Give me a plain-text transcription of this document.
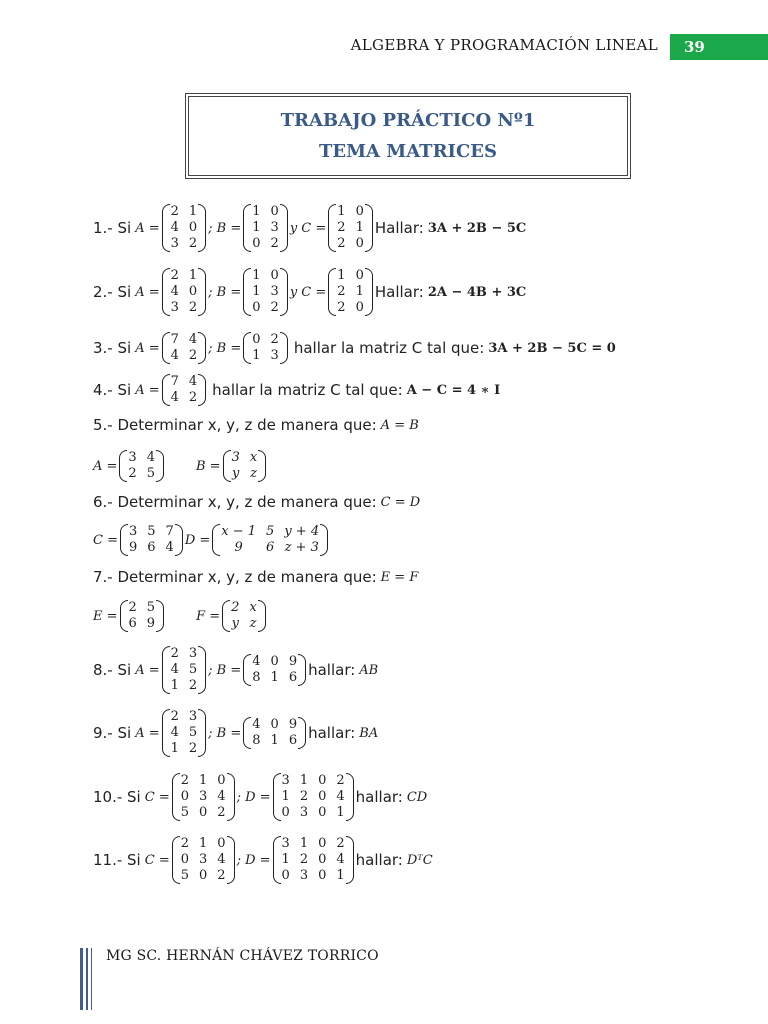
ALGEBRA Y PROGRAMACIÓN LINEAL	39
TRABAJO PRÁCTICO Nº1
TEMA MATRICES
1.- Si A =
2 1
4 0
3 2
; B =
1 0
1 3
0 2
y C =
1 0
2 1
2 0
Hallar: 3A + 2B − 5C
2.- Si A =
2 1
4 0
3 2
; B =
1 0
1 3
0 2
y C =
1 0
2 1
2 0
Hallar: 2A − 4B + 3C
3.- Si A =
7 4
4 2 ; B =
0 2
1 3 hallar la matriz C tal que: 3A + 2B − 5C = 0
4.- Si A =
7 4
4 2 hallar la matriz C tal que: A − C = 4 ∗ I
5.- Determinar x, y, z de manera que: A = B
A =
3 4
2 5	B =
3 x
y z
6.- Determinar x, y, z de manera que: C = D
C =
3 5 7
9 6 4 D =
x − 1 5 y + 4
9	6 z + 3
7.- Determinar x, y, z de manera que: E = F
E =
2 5
6 9	F =
2 x
y z
8.- Si A =
2 3
4 5
1 2
; B =
4 0 9
8 1 6 hallar: AB
9.- Si A =
2 3
4 5
1 2
; B =
4 0 9
8 1 6 hallar: BA
10.- Si C =
2 1 0
0 3 4
5 0 2
; D =
3 1 0 2
1 2 0 4
0 3 0 1
hallar: CD
11.- Si C =
2 1 0
0 3 4
5 0 2
; D =
3 1 0 2
1 2 0 4
0 3 0 1
hallar: DᵀC
MG SC. HERNÁN CHÁVEZ TORRICO
